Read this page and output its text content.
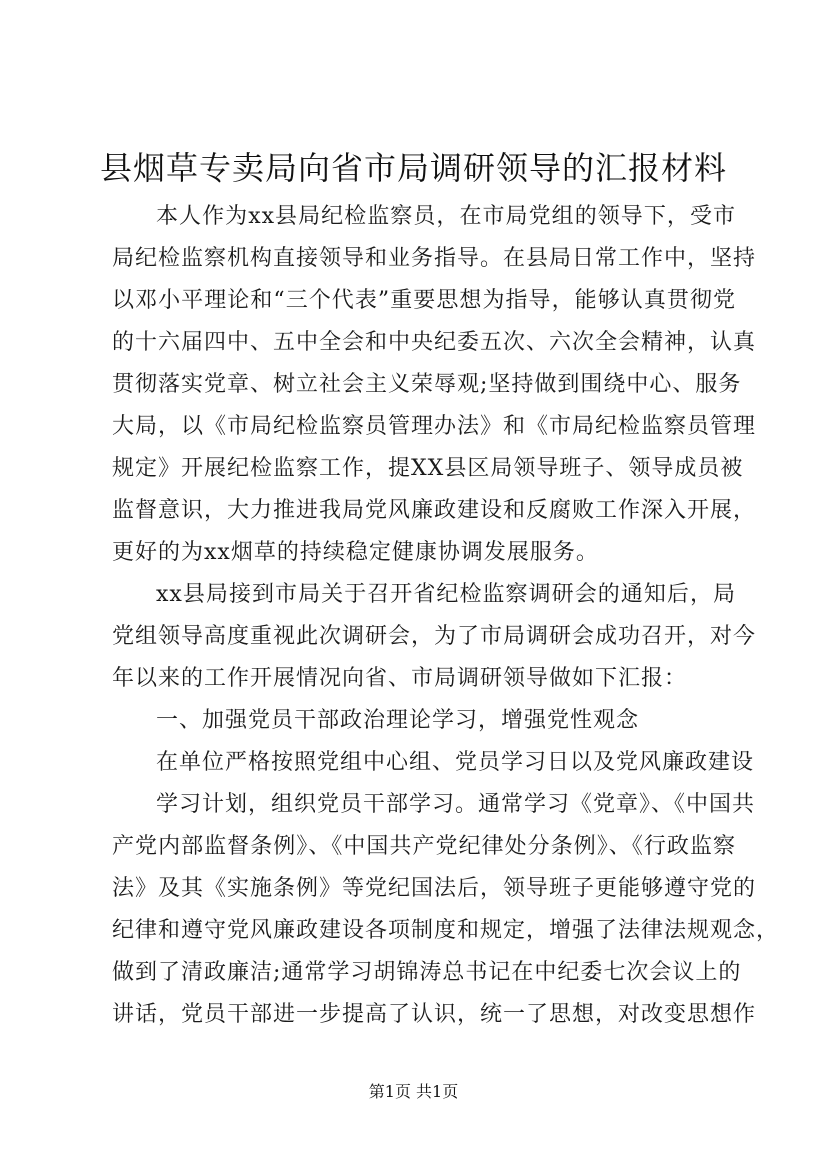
县烟草专卖局向省市局调研领导的汇报材料
本人作为xx县局纪检监察员，在市局党组的领导下，受市
局纪检监察机构直接领导和业务指导。在县局日常工作中，坚持
以邓小平理论和“三个代表”重要思想为指导，能够认真贯彻党
的十六届四中、五中全会和中央纪委五次、六次全会精神，认真
贯彻落实党章、树立社会主义荣辱观;坚持做到围绕中心、服务
大局，以《市局纪检监察员管理办法》和《市局纪检监察员管理
规定》开展纪检监察工作，提XX县区局领导班子、领导成员被
监督意识，大力推进我局党风廉政建设和反腐败工作深入开展，
更好的为xx烟草的持续稳定健康协调发展服务。
xx县局接到市局关于召开省纪检监察调研会的通知后，局
党组领导高度重视此次调研会，为了市局调研会成功召开，对今
年以来的工作开展情况向省、市局调研领导做如下汇报：
一、加强党员干部政治理论学习，增强党性观念
在单位严格按照党组中心组、党员学习日以及党风廉政建设
学习计划，组织党员干部学习。通常学习《党章》、《中国共
产党内部监督条例》、《中国共产党纪律处分条例》、《行政监察
法》及其《实施条例》等党纪国法后，领导班子更能够遵守党的
纪律和遵守党风廉政建设各项制度和规定，增强了法律法规观念，
做到了清政廉洁;通常学习胡锦涛总书记在中纪委七次会议上的
讲话，党员干部进一步提高了认识，统一了思想，对改变思想作
第1页 共1页
